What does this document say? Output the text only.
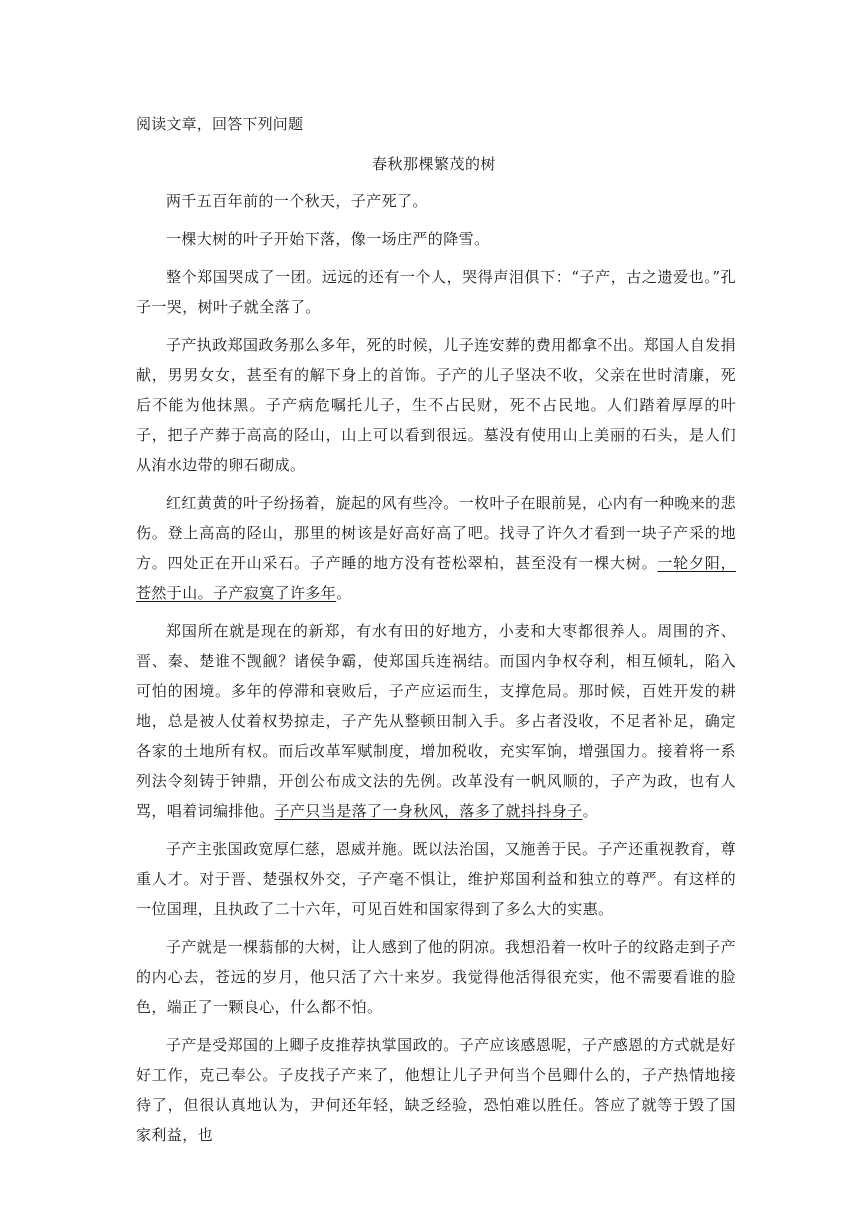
阅读文章，回答下列问题
春秋那棵繁茂的树

两千五百年前的一个秋天，子产死了。

一棵大树的叶子开始下落，像一场庄严的降雪。

整个郑国哭成了一团。远远的还有一个人，哭得声泪俱下：“子产，古之遗爱也。”孔子一哭，树叶子就全落了。

子产执政郑国政务那么多年，死的时候，儿子连安葬的费用都拿不出。郑国人自发捐献，男男女女，甚至有的解下身上的首饰。子产的儿子坚决不收，父亲在世时清廉，死后不能为他抹黑。子产病危嘱托儿子，生不占民财，死不占民地。人们踏着厚厚的叶子，把子产葬于高高的陉山，山上可以看到很远。墓没有使用山上美丽的石头，是人们从洧水边带的卵石砌成。

红红黄黄的叶子纷扬着，旋起的风有些冷。一枚叶子在眼前晃，心内有一种晚来的悲伤。登上高高的陉山，那里的树该是好高好高了吧。找寻了许久才看到一块子产采的地方。四处正在开山采石。子产睡的地方没有苍松翠柏，甚至没有一棵大树。一轮夕阳，苍然于山。子产寂寞了许多年。

郑国所在就是现在的新郑，有水有田的好地方，小麦和大枣都很养人。周围的齐、晋、秦、楚谁不觊觎？诸侯争霸，使郑国兵连祸结。而国内争权夺利，相互倾轧，陷入可怕的困境。多年的停滞和衰败后，子产应运而生，支撑危局。那时候，百姓开发的耕地，总是被人仗着权势掠走，子产先从整顿田制入手。多占者没收，不足者补足，确定各家的土地所有权。而后改革军赋制度，增加税收，充实军饷，增强国力。接着将一系列法令刻铸于钟鼎，开创公布成文法的先例。改革没有一帆风顺的，子产为政，也有人骂，唱着词编排他。子产只当是落了一身秋风，落多了就抖抖身子。

子产主张国政宽厚仁慈，恩威并施。既以法治国，又施善于民。子产还重视教育，尊重人才。对于晋、楚强权外交，子产毫不惧让，维护郑国利益和独立的尊严。有这样的一位国理，且执政了二十六年，可见百姓和国家得到了多么大的实惠。

子产就是一棵蓊郁的大树，让人感到了他的阴凉。我想沿着一枚叶子的纹路走到子产的内心去，苍远的岁月，他只活了六十来岁。我觉得他活得很充实，他不需要看谁的脸色，端正了一颗良心，什么都不怕。

子产是受郑国的上卿子皮推荐执掌国政的。子产应该感恩呢，子产感恩的方式就是好好工作，克己奉公。子皮找子产来了，他想让儿子尹何当个邑卿什么的，子产热情地接待了，但很认真地认为，尹何还年轻，缺乏经验，恐怕难以胜任。答应了就等于毁了国家利益，也
